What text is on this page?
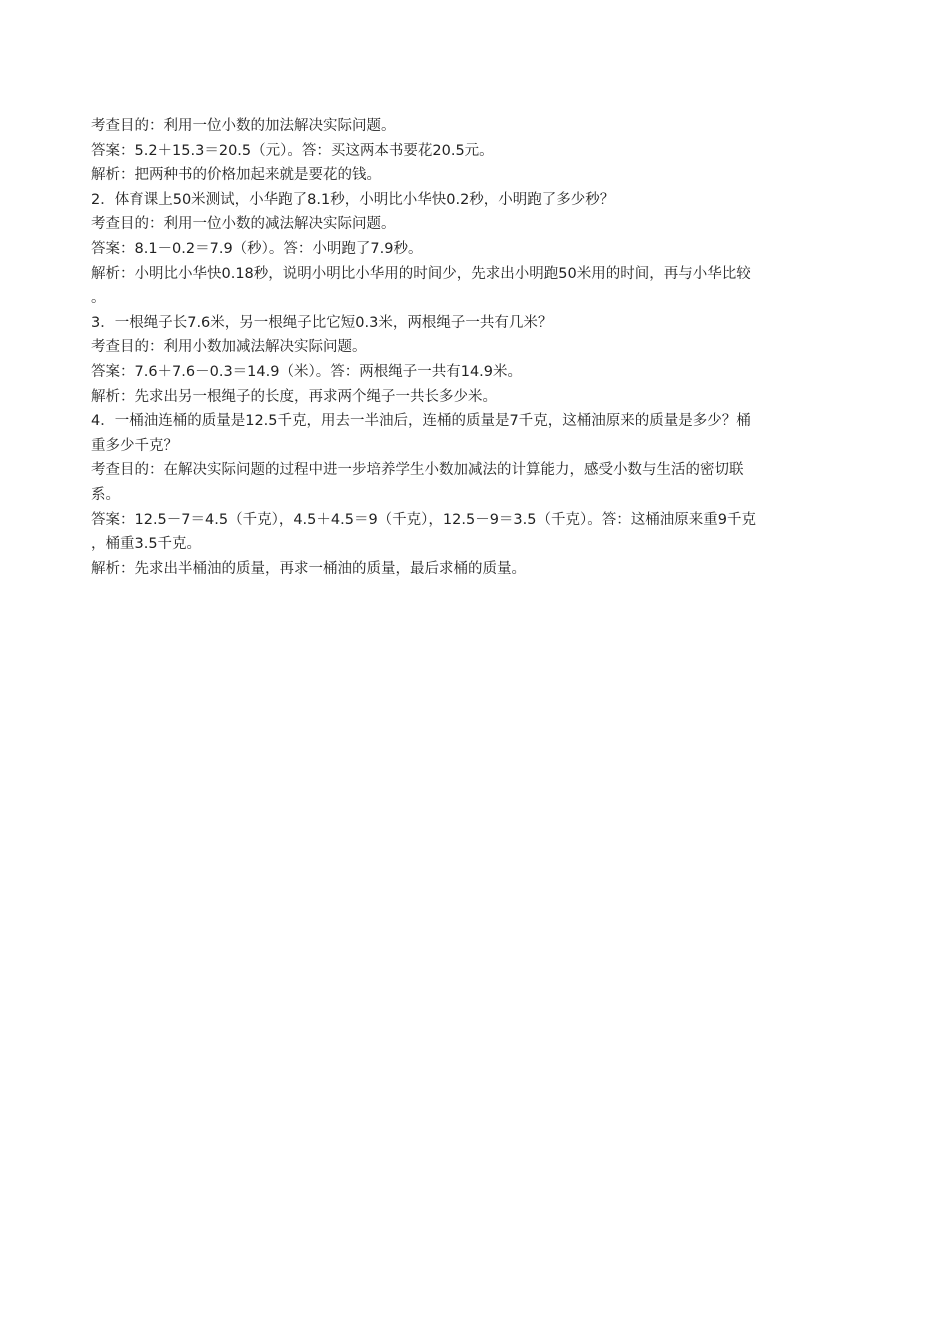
考查目的：利用一位小数的加法解决实际问题。

答案：5.2＋15.3＝20.5（元）。答：买这两本书要花20.5元。

解析：把两种书的价格加起来就是要花的钱。

2．体育课上50米测试，小华跑了8.1秒，小明比小华快0.2秒，小明跑了多少秒？

考查目的：利用一位小数的减法解决实际问题。

答案：8.1－0.2＝7.9（秒）。答：小明跑了7.9秒。

解析：小明比小华快0.18秒，说明小明比小华用的时间少，先求出小明跑50米用的时间，再与小华比较

。

3．一根绳子长7.6米，另一根绳子比它短0.3米，两根绳子一共有几米？

考查目的：利用小数加减法解决实际问题。

答案：7.6＋7.6－0.3＝14.9（米）。答：两根绳子一共有14.9米。

解析：先求出另一根绳子的长度，再求两个绳子一共长多少米。

4．一桶油连桶的质量是12.5千克，用去一半油后，连桶的质量是7千克，这桶油原来的质量是多少？桶

重多少千克？

考查目的：在解决实际问题的过程中进一步培养学生小数加减法的计算能力，感受小数与生活的密切联

系。

答案：12.5－7＝4.5（千克），4.5＋4.5＝9（千克），12.5－9＝3.5（千克）。答：这桶油原来重9千克

，桶重3.5千克。

解析：先求出半桶油的质量，再求一桶油的质量，最后求桶的质量。
